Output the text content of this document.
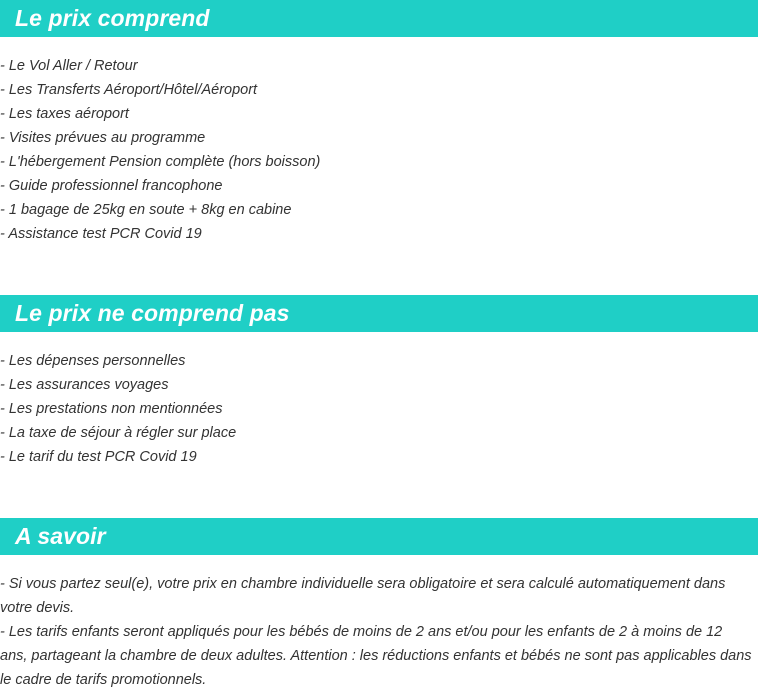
Le prix comprend
- Le Vol Aller / Retour
- Les Transferts Aéroport/Hôtel/Aéroport
- Les taxes aéroport
- Visites prévues au programme
- L'hébergement Pension complète (hors boisson)
- Guide professionnel francophone
- 1 bagage de 25kg en soute + 8kg en cabine
- Assistance test PCR Covid 19
Le prix ne comprend pas
- Les dépenses personnelles
- Les assurances voyages
- Les prestations non mentionnées
- La taxe de séjour à régler sur place
- Le tarif du test PCR Covid 19
A savoir

- Si vous partez seul(e), votre prix en chambre individuelle sera obligatoire et sera calculé automatiquement dans votre devis.

- Les tarifs enfants seront appliqués pour les bébés de moins de 2 ans et/ou pour les enfants de 2 à moins de 12 ans, partageant la chambre de deux adultes. Attention : les réductions enfants et bébés ne sont pas applicables dans le cadre de tarifs promotionnels.
